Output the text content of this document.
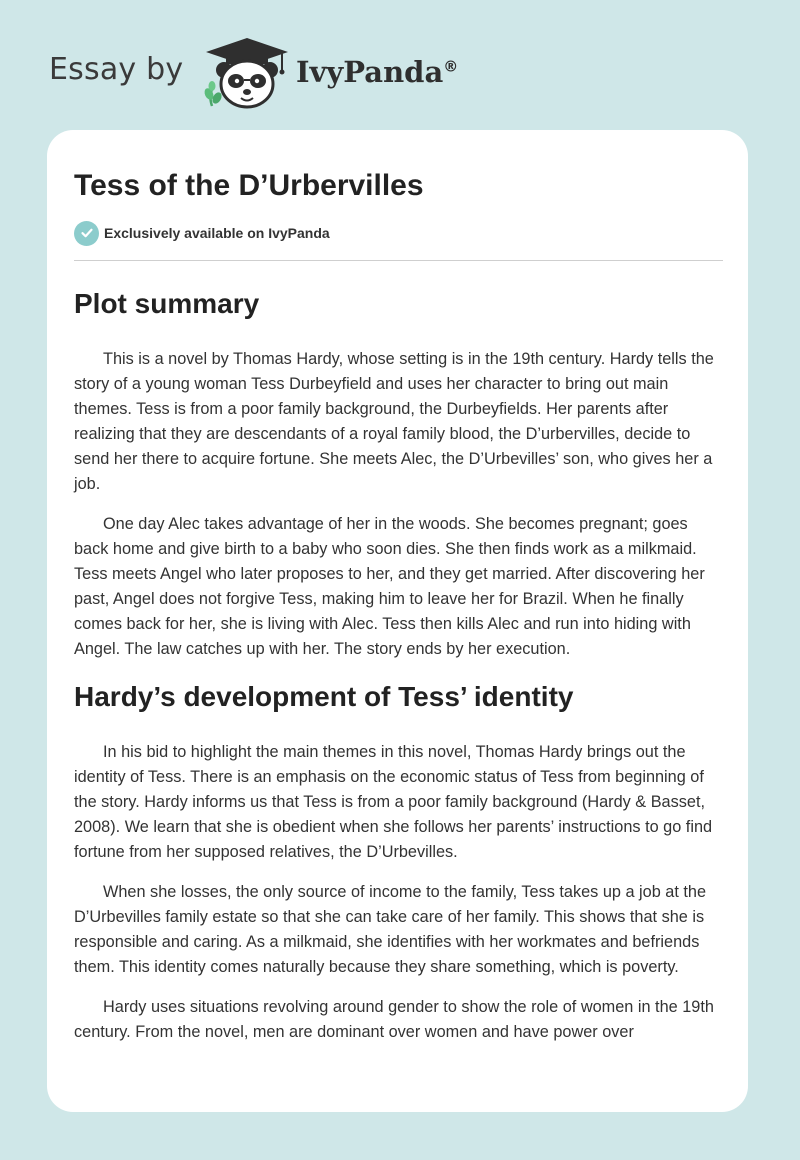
Essay by	IvyPanda®
Tess of the D’Urbervilles
Exclusively available on IvyPanda
Plot summary

This is a novel by Thomas Hardy, whose setting is in the 19th century. Hardy tells the story of a young woman Tess Durbeyfield and uses her character to bring out main themes. Tess is from a poor family background, the Durbeyfields. Her parents after realizing that they are descendants of a royal family blood, the D’urbervilles, decide to send her there to acquire fortune. She meets Alec, the D’Urbevilles’ son, who gives her a job.

One day Alec takes advantage of her in the woods. She becomes pregnant; goes back home and give birth to a baby who soon dies. She then finds work as a milkmaid. Tess meets Angel who later proposes to her, and they get married. After discovering her past, Angel does not forgive Tess, making him to leave her for Brazil. When he finally comes back for her, she is living with Alec. Tess then kills Alec and run into hiding with Angel. The law catches up with her. The story ends by her execution.

Hardy’s development of Tess’ identity

In his bid to highlight the main themes in this novel, Thomas Hardy brings out the identity of Tess. There is an emphasis on the economic status of Tess from beginning of the story. Hardy informs us that Tess is from a poor family background (Hardy & Basset, 2008). We learn that she is obedient when she follows her parents’ instructions to go find fortune from her supposed relatives, the D’Urbevilles.

When she losses, the only source of income to the family, Tess takes up a job at the D’Urbevilles family estate so that she can take care of her family. This shows that she is responsible and caring. As a milkmaid, she identifies with her workmates and befriends them. This identity comes naturally because they share something, which is poverty.

Hardy uses situations revolving around gender to show the role of women in the 19th century. From the novel, men are dominant over women and have power over
